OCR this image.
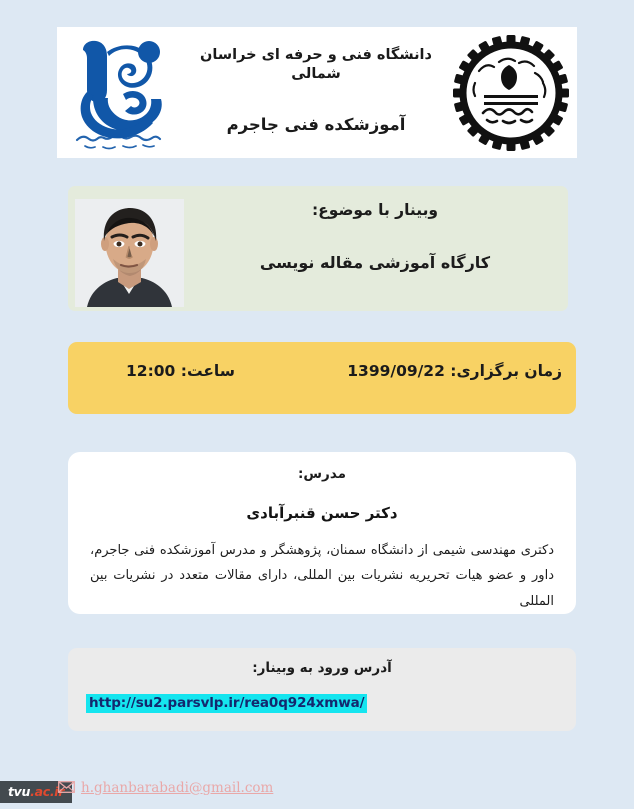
دانشگاه فنی و حرفه ای خراسان شمالی
آموزشکده فنی جاجرم
وبینار با موضوع:
کارگاه آموزشی مقاله نویسی
زمان برگزاری: 1399/09/22
ساعت: 12:00
مدرس:
دکتر حسن قنبرآبادی
دکتری مهندسی شیمی از دانشگاه سمنان، پژوهشگر و مدرس آموزشکده فنی جاجرم، داور و عضو هیات تحریریه نشریات بین المللی، دارای مقالات متعدد در نشریات بین المللی
آدرس ورود به وبینار:
http://su2.parsvlp.ir/rea0q924xmwa/
tvu.ac.ir	h.ghanbarabadi@gmail.com
